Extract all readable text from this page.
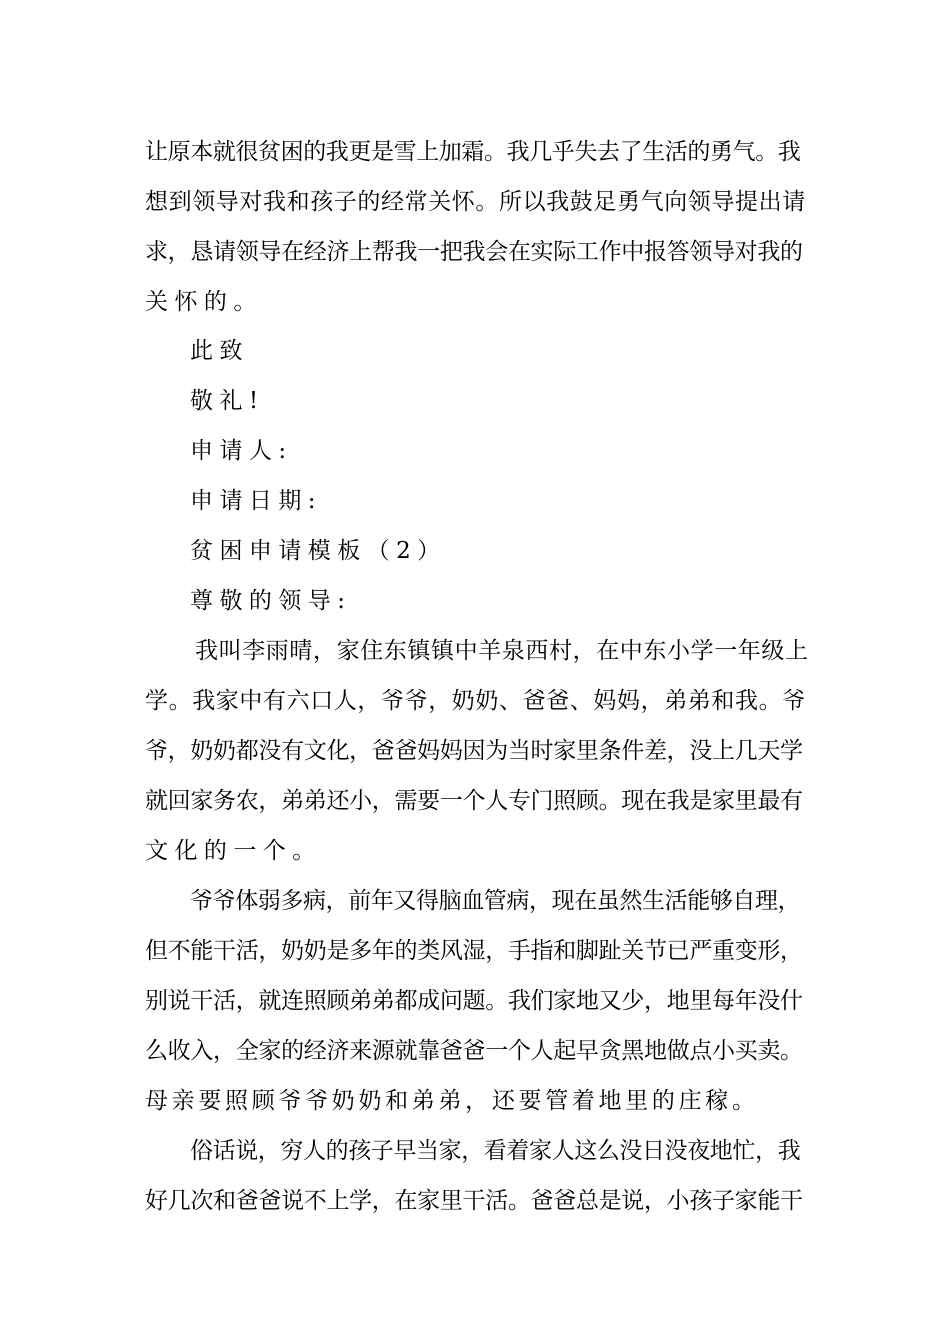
让原本就很贫困的我更是雪上加霜。我几乎失去了生活的勇气。我
想到领导对我和孩子的经常关怀。所以我鼓足勇气向领导提出请
求，恳请领导在经济上帮我一把我会在实际工作中报答领导对我的
关怀的。
此致
敬礼!
申请人:
申请日期:
贫困申请模板（2）
尊敬的领导:
我叫李雨晴，家住东镇镇中羊泉西村，在中东小学一年级上
学。我家中有六口人，爷爷，奶奶、爸爸、妈妈，弟弟和我。爷
爷，奶奶都没有文化，爸爸妈妈因为当时家里条件差，没上几天学
就回家务农，弟弟还小，需要一个人专门照顾。现在我是家里最有
文化的一个。
爷爷体弱多病，前年又得脑血管病，现在虽然生活能够自理，
但不能干活，奶奶是多年的类风湿，手指和脚趾关节已严重变形，
别说干活，就连照顾弟弟都成问题。我们家地又少，地里每年没什
么收入，全家的经济来源就靠爸爸一个人起早贪黑地做点小买卖。
母亲要照顾爷爷奶奶和弟弟，还要管着地里的庄稼。
俗话说，穷人的孩子早当家，看着家人这么没日没夜地忙，我
好几次和爸爸说不上学，在家里干活。爸爸总是说，小孩子家能干
